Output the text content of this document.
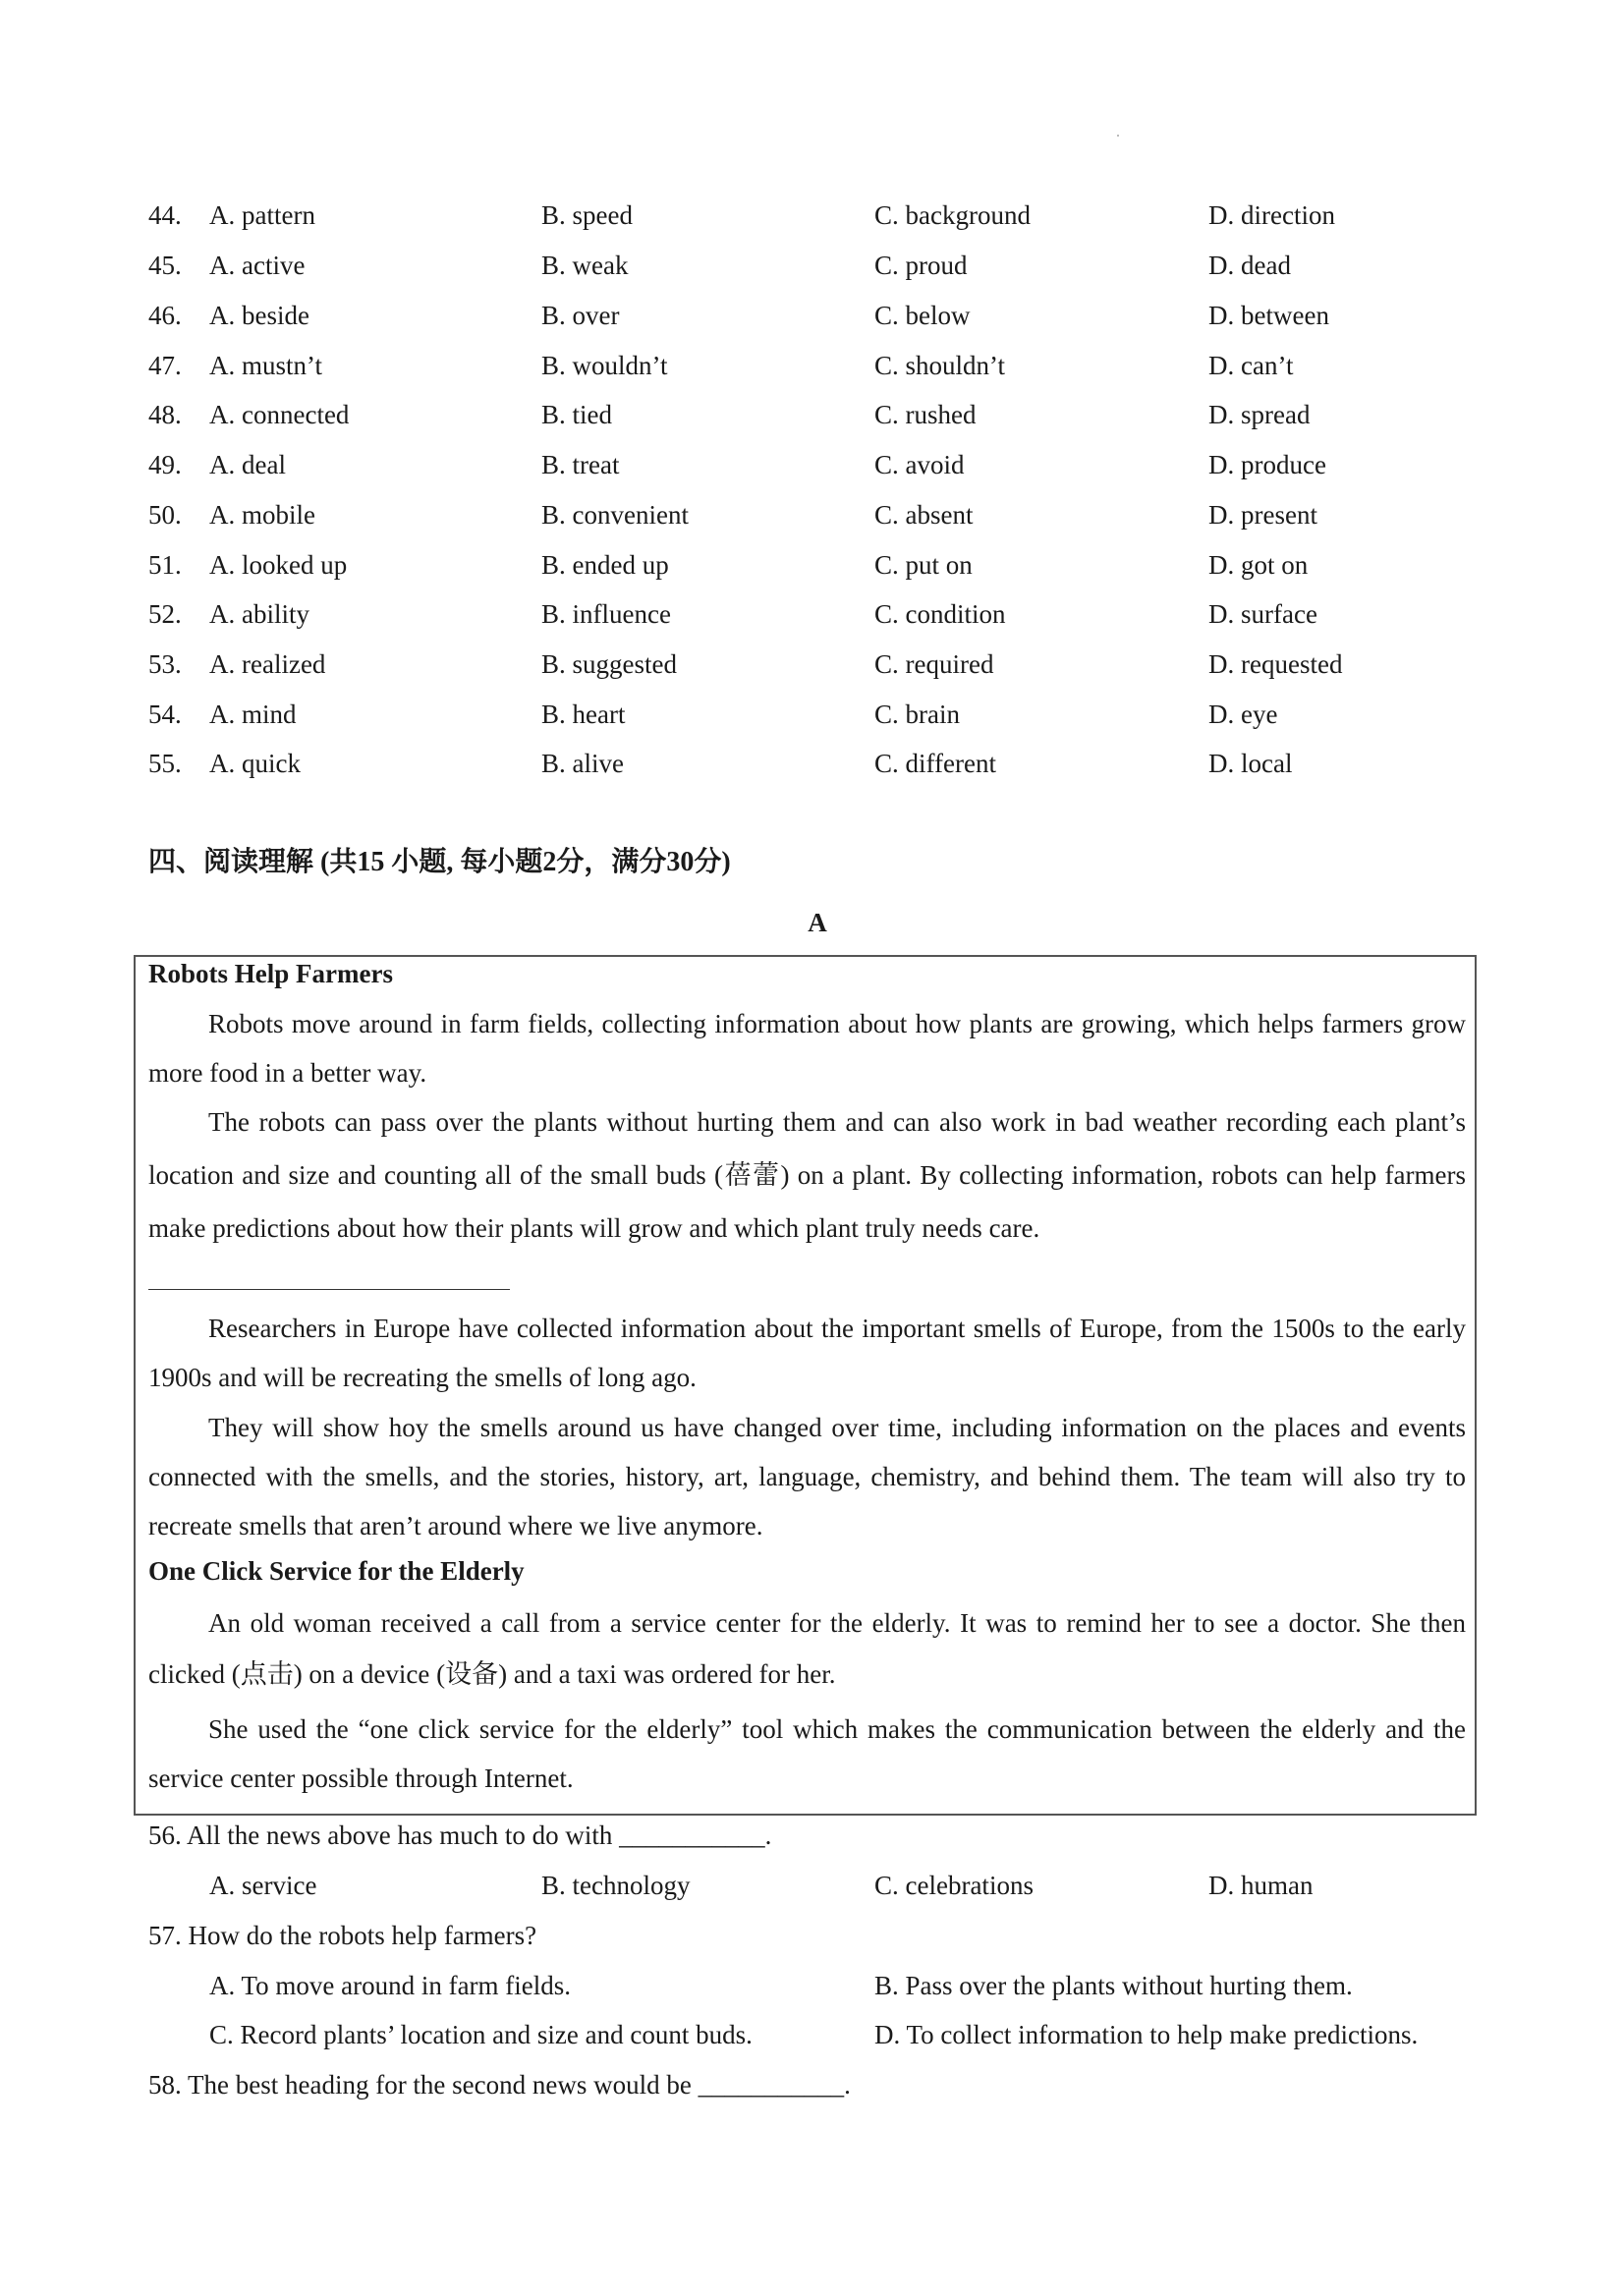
44. A. pattern	B. speed	C. background	D. direction
45. A. active	B. weak	C. proud	D. dead
46. A. beside	B. over	C. below	D. between
47. A. mustn’t	B. wouldn’t	C. shouldn’t	D. can’t
48. A. connected	B. tied	C. rushed	D. spread
49. A. deal	B. treat	C. avoid	D. produce
50. A. mobile	B. convenient	C. absent	D. present
51. A. looked up	B. ended up	C. put on	D. got on
52. A. ability	B. influence	C. condition	D. surface
53. A. realized	B. suggested	C. required	D. requested
54. A. mind	B. heart	C. brain	D. eye
55. A. quick	B. alive	C. different	D. local
四、阅读理解 (共15 小题, 每小题2分，满分30分)
A
Robots Help Farmers

Robots move around in farm fields, collecting information about how plants are growing, which helps farmers grow more food in a better way.

The robots can pass over the plants without hurting them and can also work in bad weather recording each plant’s location and size and counting all of the small buds (蓓蕾) on a plant. By collecting information, robots can help farmers make predictions about how their plants will grow and which plant truly needs care.

Researchers in Europe have collected information about the important smells of Europe, from the 1500s to the early 1900s and will be recreating the smells of long ago.

They will show hoy the smells around us have changed over time, including information on the places and events connected with the smells, and the stories, history, art, language, chemistry, and behind them. The team will also try to recreate smells that aren’t around where we live anymore.

One Click Service for the Elderly

An old woman received a call from a service center for the elderly. It was to remind her to see a doctor. She then clicked (点击) on a device (设备) and a taxi was ordered for her.

She used the “one click service for the elderly” tool which makes the communication between the elderly and the service center possible through Internet.

56. All the news above has much to do with ___________.
A. service	B. technology	C. celebrations	D. human
57. How do the robots help farmers?
A. To move around in farm fields.	B. Pass over the plants without hurting them.
C. Record plants’ location and size and count buds.	D. To collect information to help make predictions.
58. The best heading for the second news would be ___________.
